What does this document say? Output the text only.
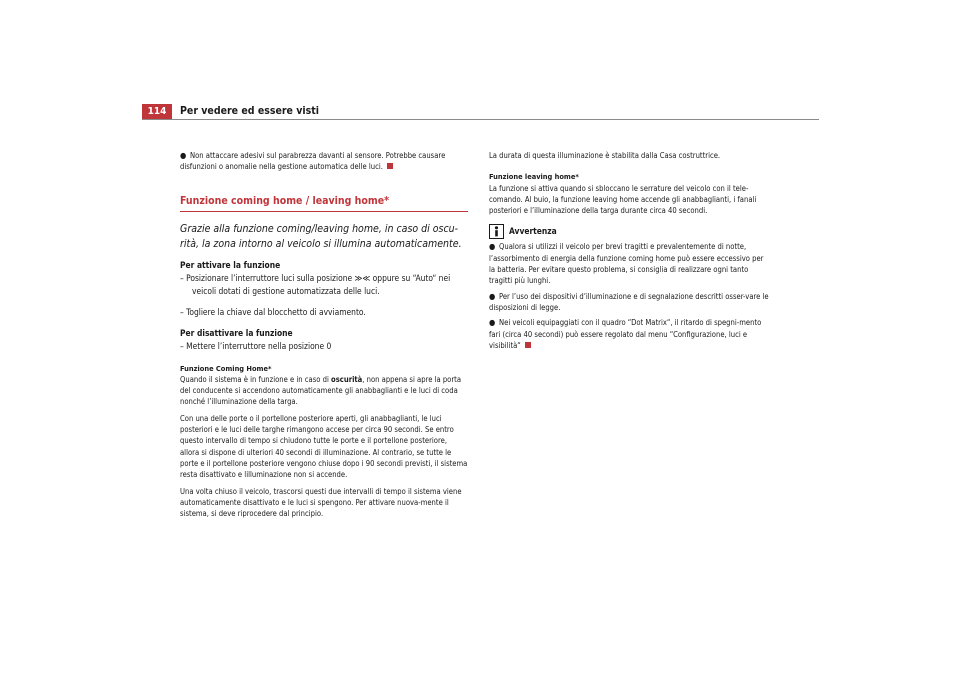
114	Per vedere ed essere visti

● Non attaccare adesivi sul parabrezza davanti al sensore. Potrebbe causare disfunzioni o anomalie nella gestione automatica delle luci.

Funzione coming home / leaving home*

Grazie alla funzione coming/leaving home, in caso di oscu-rità, la zona intorno al veicolo si illumina automaticamente.

Per attivare la funzione

– Posizionare l’interruttore luci sulla posizione ≫≪ oppure su “Auto“ nei veicoli dotati di gestione automatizzata delle luci.

– Togliere la chiave dal blocchetto di avviamento.

Per disattivare la funzione

– Mettere l’interruttore nella posizione 0

Funzione Coming Home*

Quando il sistema è in funzione e in caso di oscurità, non appena si apre la porta del conducente si accendono automaticamente gli anabbaglianti e le luci di coda nonché l’illuminazione della targa.

Con una delle porte o il portellone posteriore aperti, gli anabbaglianti, le luci posteriori e le luci delle targhe rimangono accese per circa 90 secondi. Se entro questo intervallo di tempo si chiudono tutte le porte e il portellone posteriore, allora si dispone di ulteriori 40 secondi di illuminazione. Al contrario, se tutte le porte e il portellone posteriore vengono chiuse dopo i 90 secondi previsti, il sistema resta disattivato e lilluminazione non si accende.

Una volta chiuso il veicolo, trascorsi questi due intervalli di tempo il sistema viene automaticamente disattivato e le luci si spengono. Per attivare nuova-mente il sistema, si deve riprocedere dal principio.

La durata di questa illuminazione è stabilita dalla Casa costruttrice.

Funzione leaving home*

La funzione si attiva quando si sbloccano le serrature del veicolo con il tele-comando. Al buio, la funzione leaving home accende gli anabbaglianti, i fanali posteriori e l’illuminazione della targa durante circa 40 secondi.

Avvertenza

● Qualora si utilizzi il veicolo per brevi tragitti e prevalentemente di notte, l’assorbimento di energia della funzione coming home può essere eccessivo per la batteria. Per evitare questo problema, si consiglia di realizzare ogni tanto tragitti più lunghi.

● Per l’uso dei dispositivi d’illuminazione e di segnalazione descritti osser-vare le disposizioni di legge.

● Nei veicoli equipaggiati con il quadro “Dot Matrix“, il ritardo di spegni-mento fari (circa 40 secondi) può essere regolato dal menu “Configurazione, luci e visibilità“
